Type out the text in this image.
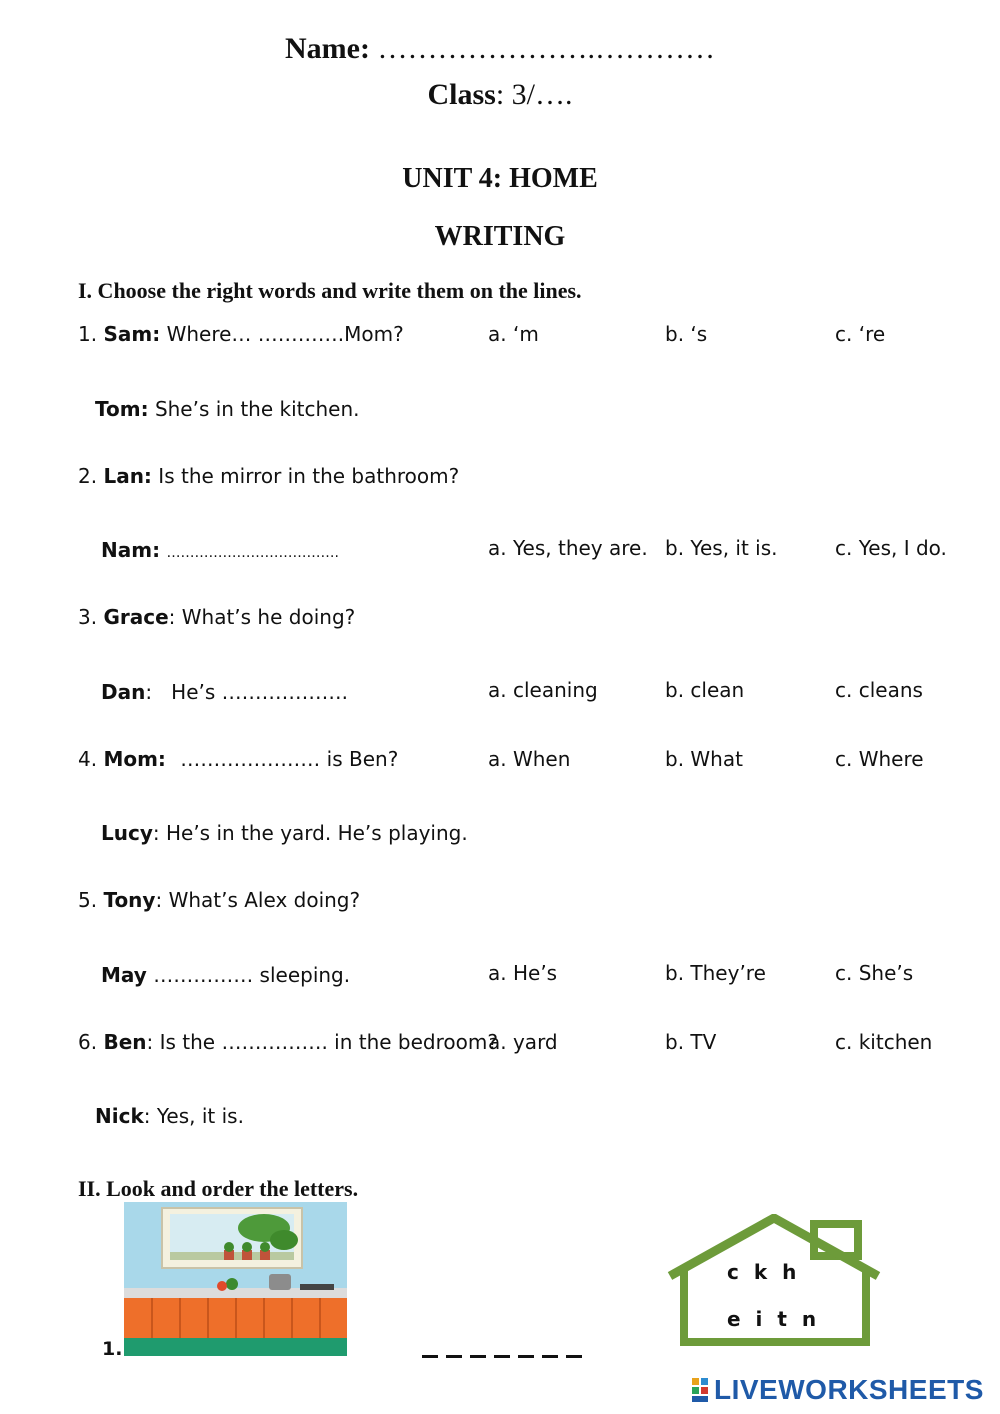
Name: ………………….…………
Class: 3/….
UNIT 4: HOME
WRITING
I. Choose the right words and write them on the lines.
1. Sam: Where… ………….Mom?	a. ‘m	b. ‘s	c. ‘re
Tom: She’s in the kitchen.
2. Lan: Is the mirror in the bathroom?
Nam: ……………………………….	a. Yes, they are. b. Yes, it is.	c. Yes, I do.
3. Grace: What’s he doing?
Dan:   He’s ……………….	a. cleaning	b. clean	c. cleans
4. Mom: ………………… is Ben?	a. When	b. What	c. Where
Lucy: He’s in the yard. He’s playing.
5. Tony: What’s Alex doing?
May …………… sleeping.	a. He’s	b. They’re	c. She’s
6. Ben: Is the ……………. in the bedroom?
a. yard	b. TV	c. kitchen
Nick: Yes, it is.
II. Look and order the letters.
1.
c k h
e i t n
LIVEWORKSHEETS
